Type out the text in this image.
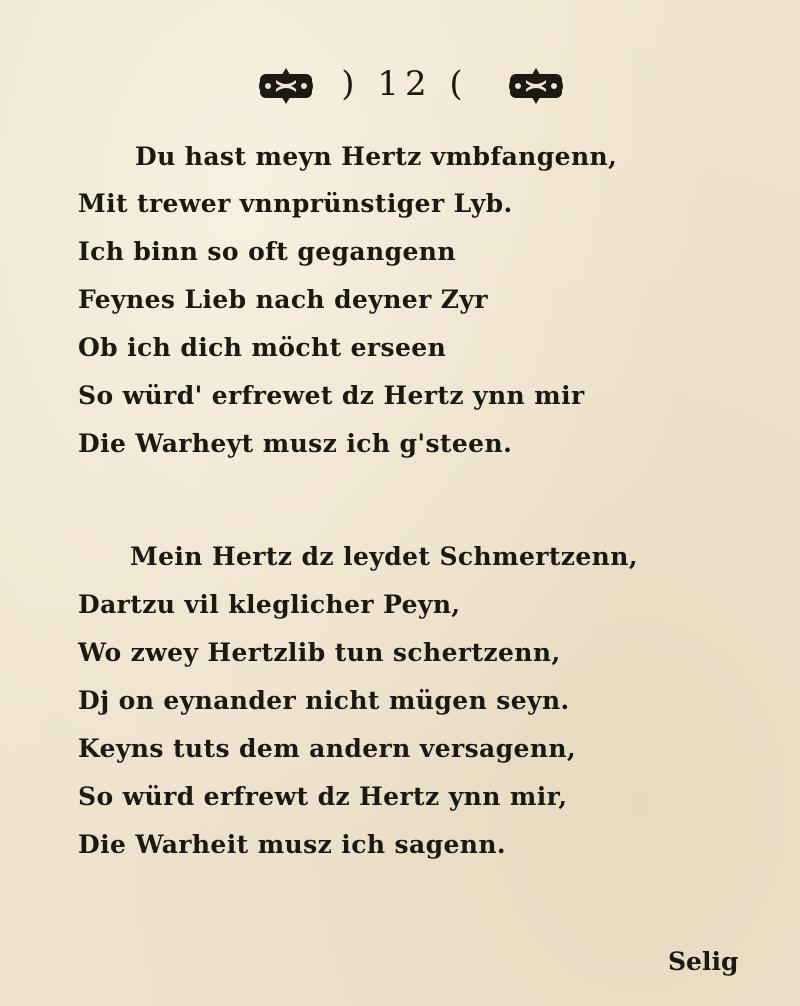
) 12 (
Du hast meyn Hertz vmbfangenn,
Mit trewer vnnprünstiger Lyb.
Ich binn so oft gegangenn
Feynes Lieb nach deyner Zyr
Ob ich dich möcht erseen
So würd' erfrewet dz Hertz ynn mir
Die Warheyt musz ich g'steen.
Mein Hertz dz leydet Schmertzenn,
Dartzu vil kleglicher Peyn,
Wo zwey Hertzlib tun schertzenn,
Dj on eynander nicht mügen seyn.
Keyns tuts dem andern versagenn,
So würd erfrewt dz Hertz ynn mir,
Die Warheit musz ich sagenn.
Selig
